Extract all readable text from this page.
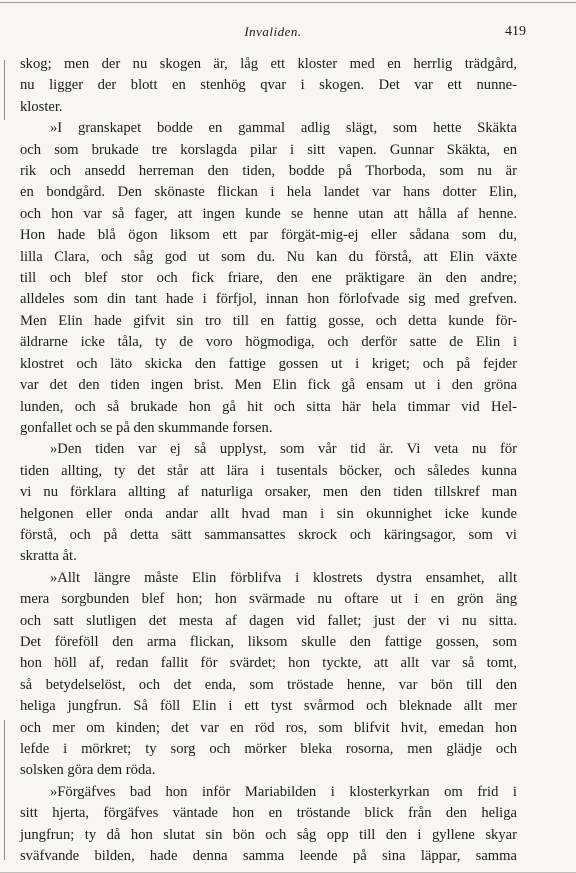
Invaliden.	419
skog; men der nu skogen är, låg ett kloster med en herrlig trädgård,
nu ligger der blott en stenhög qvar i skogen. Det var ett nunne-
kloster.
»I granskapet bodde en gammal adlig slägt, som hette Skäkta
och som brukade tre korslagda pilar i sitt vapen. Gunnar Skäkta, en
rik och ansedd herreman den tiden, bodde på Thorboda, som nu är
en bondgård. Den skönaste flickan i hela landet var hans dotter Elin,
och hon var så fager, att ingen kunde se henne utan att hålla af henne.
Hon hade blå ögon liksom ett par förgät-mig-ej eller sådana som du,
lilla Clara, och såg god ut som du. Nu kan du förstå, att Elin växte
till och blef stor och fick friare, den ene präktigare än den andre;
alldeles som din tant hade i förfjol, innan hon förlofvade sig med grefven.
Men Elin hade gifvit sin tro till en fattig gosse, och detta kunde för-
äldrarne icke tåla, ty de voro högmodiga, och derför satte de Elin i
klostret och läto skicka den fattige gossen ut i kriget; och på fejder
var det den tiden ingen brist. Men Elin fick gå ensam ut i den gröna
lunden, och så brukade hon gå hit och sitta här hela timmar vid Hel-
gonfallet och se på den skummande forsen.
»Den tiden var ej så upplyst, som vår tid är. Vi veta nu för
tiden allting, ty det står att lära i tusentals böcker, och således kunna
vi nu förklara allting af naturliga orsaker, men den tiden tillskref man
helgonen eller onda andar allt hvad man i sin okunnighet icke kunde
förstå, och på detta sätt sammansattes skrock och käringsagor, som vi
skratta åt.
»Allt längre måste Elin förblifva i klostrets dystra ensamhet, allt
mera sorgbunden blef hon; hon svärmade nu oftare ut i en grön äng
och satt slutligen det mesta af dagen vid fallet; just der vi nu sitta.
Det föreföll den arma flickan, liksom skulle den fattige gossen, som
hon höll af, redan fallit för svärdet; hon tyckte, att allt var så tomt,
så betydelselöst, och det enda, som tröstade henne, var bön till den
heliga jungfrun. Så föll Elin i ett tyst svårmod och bleknade allt mer
och mer om kinden; det var en röd ros, som blifvit hvit, emedan hon
lefde i mörkret; ty sorg och mörker bleka rosorna, men glädje och
solsken göra dem röda.
»Förgäfves bad hon inför Mariabilden i klosterkyrkan om frid i
sitt hjerta, förgäfves väntade hon en tröstande blick från den heliga
jungfrun; ty då hon slutat sin bön och såg opp till den i gyllene skyar
sväfvande bilden, hade denna samma leende på sina läppar, samma
